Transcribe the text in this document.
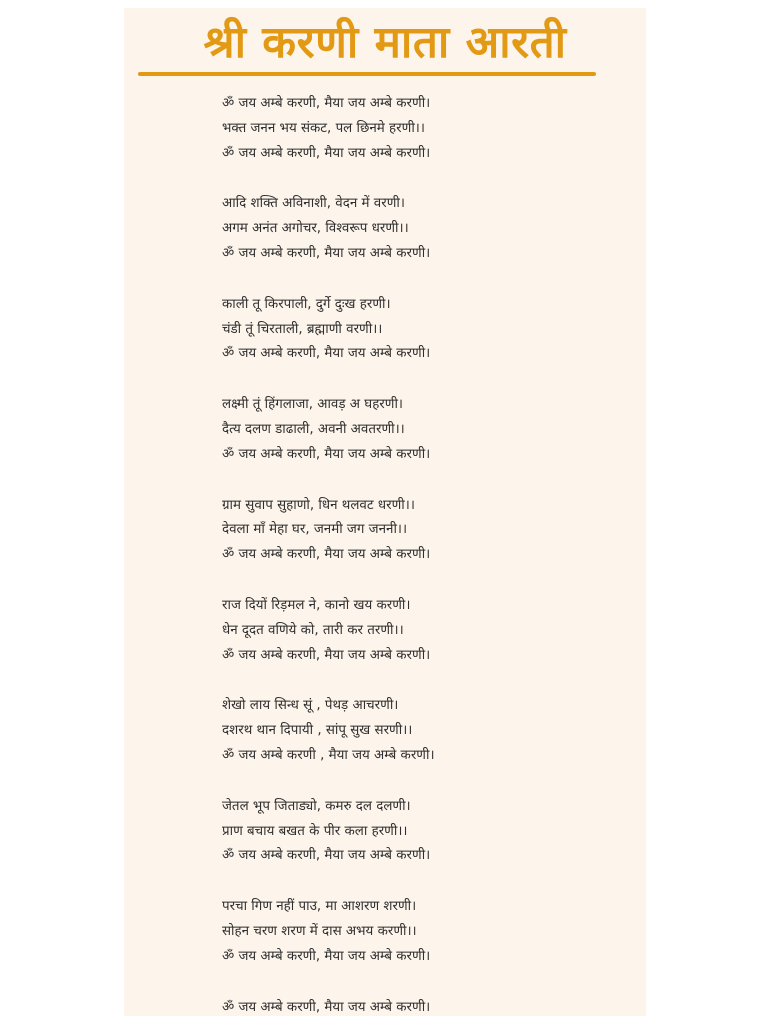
श्री करणी माता आरती
ॐ जय अम्बे करणी, मैया जय अम्बे करणी।
भक्त जनन भय संकट, पल छिनमे हरणी।।
ॐ जय अम्बे करणी, मैया जय अम्बे करणी।
आदि शक्ति अविनाशी, वेदन में वरणी।
अगम अनंत अगोचर, विश्वरूप धरणी।।
ॐ जय अम्बे करणी, मैया जय अम्बे करणी।
काली तू किरपाली, दुर्गे दुःख हरणी।
चंडी तूं चिरताली, ब्रह्माणी वरणी।।
ॐ जय अम्बे करणी, मैया जय अम्बे करणी।
लक्ष्मी तूं हिंगलाजा, आवड़ अ घहरणी।
दैत्य दलण डाढाली, अवनी अवतरणी।।
ॐ जय अम्बे करणी, मैया जय अम्बे करणी।
ग्राम सुवाप सुहाणो, धिन थलवट धरणी।।
देवला माँ मेहा घर, जनमी जग जननी।।
ॐ जय अम्बे करणी, मैया जय अम्बे करणी।
राज दियों रिड़मल ने, कानो खय करणी।
धेन दूदत वणिये को, तारी कर तरणी।।
ॐ जय अम्बे करणी, मैया जय अम्बे करणी।
शेखो लाय सिन्ध सूं , पेथड़ आचरणी।
दशरथ थान दिपायी , सांपू सुख सरणी।।
ॐ जय अम्बे करणी , मैया जय अम्बे करणी।
जेतल भूप जिताड्यो, कमरु दल दलणी।
प्राण बचाय बखत के पीर कला हरणी।।
ॐ जय अम्बे करणी, मैया जय अम्बे करणी।
परचा गिण नहीं पाउ, मा आशरण शरणी।
सोहन चरण शरण में दास अभय करणी।।
ॐ जय अम्बे करणी, मैया जय अम्बे करणी।
ॐ जय अम्बे करणी, मैया जय अम्बे करणी।
